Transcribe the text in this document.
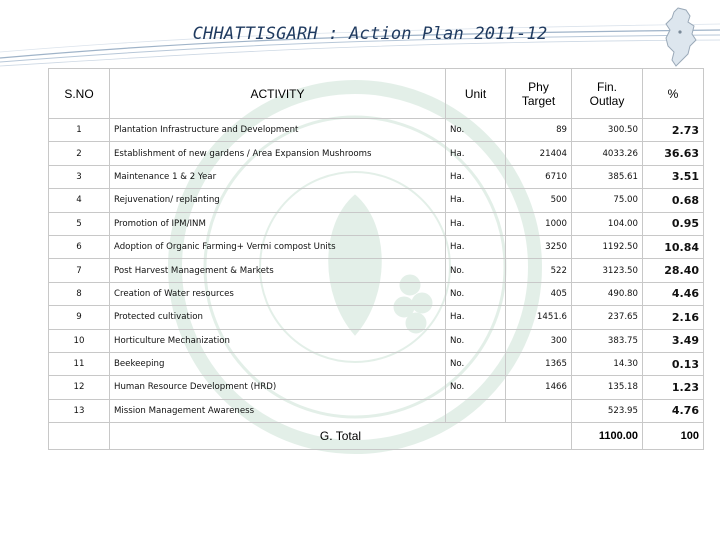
CHHATTISGARH : Action Plan 2011-12
S.NO	ACTIVITY	Unit	Phy Target	Fin. Outlay	%
1	Plantation Infrastructure and Development	No.	89	300.50	2.73
2	Establishment of new gardens / Area Expansion Mushrooms	Ha.	21404	4033.26	36.63
3	Maintenance 1 & 2 Year	Ha.	6710	385.61	3.51
4	Rejuvenation/ replanting	Ha.	500	75.00	0.68
5	Promotion of IPM/INM	Ha.	1000	104.00	0.95
6	Adoption of Organic Farming+ Vermi compost Units	Ha.	3250	1192.50	10.84
7	Post Harvest Management & Markets	No.	522	3123.50	28.40
8	Creation of Water resources	No.	405	490.80	4.46
9	Protected cultivation	Ha.	1451.6	237.65	2.16
10	Horticulture Mechanization	No.	300	383.75	3.49
11	Beekeeping	No.	1365	14.30	0.13
12	Human Resource Development (HRD)	No.	1466	135.18	1.23
13	Mission Management Awareness			523.95	4.76
	G. Total			1100.00	100
